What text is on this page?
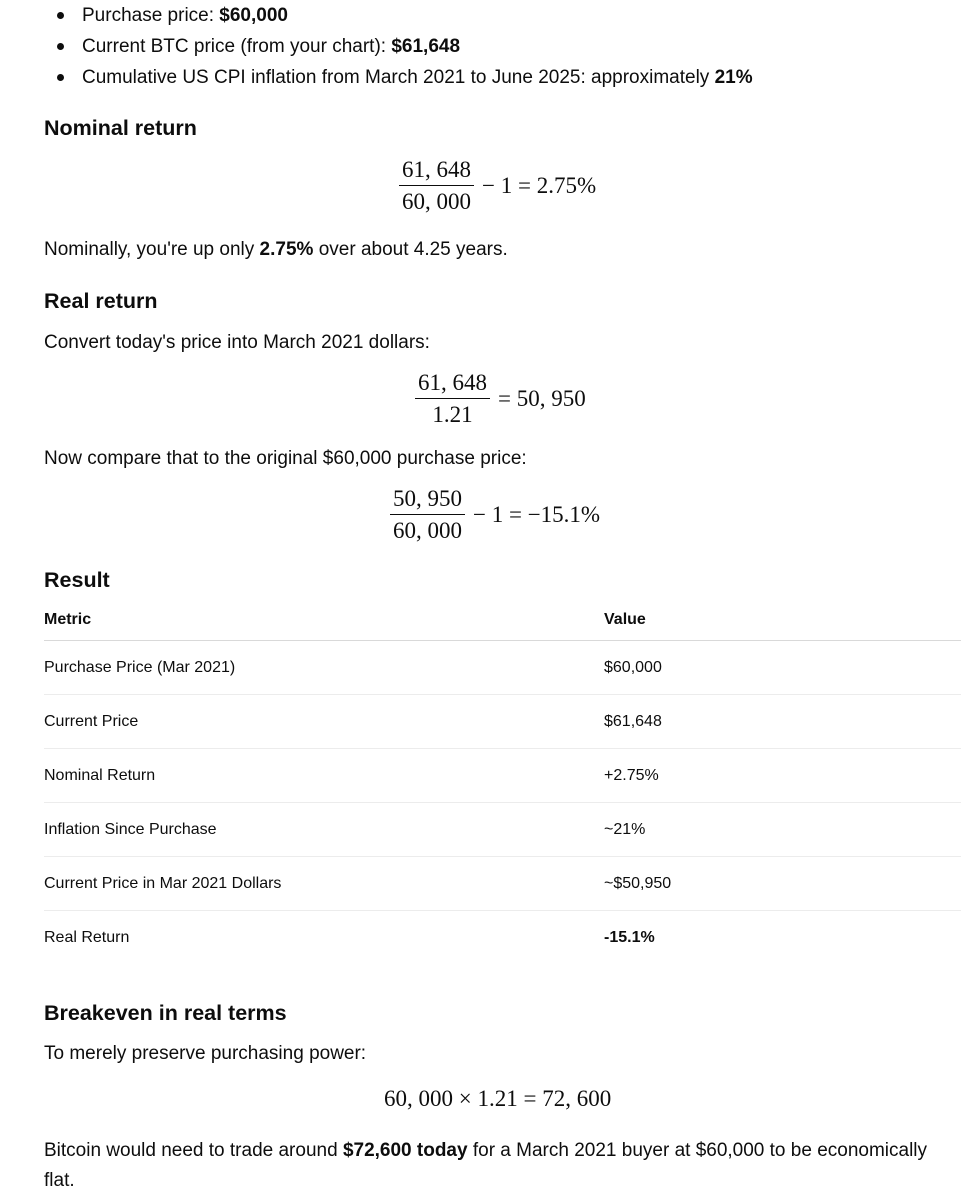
Purchase price: $60,000
Current BTC price (from your chart): $61,648
Cumulative US CPI inflation from March 2021 to June 2025: approximately 21%
Nominal return
$\frac{61, 648}{60, 000} - 1 = 2.75\%$

Nominally, you're up only 2.75% over about 4.25 years.

Real return

Convert today's price into March 2021 dollars:

$\frac{61, 648}{1.21} = 50$, 950

Now compare that to the original $60,000 purchase price:

$\frac{50, 950}{60, 000} - 1 = -15.1\%$
Result
Metric	Value
Purchase Price (Mar 2021)	$60,000
Current Price	$61,648
Nominal Return	+2.75%
Inflation Since Purchase	~21%
Current Price in Mar 2021 Dollars	~$50,950
Real Return	-15.1%
Breakeven in real terms

To merely preserve purchasing power:

60, 000 × 1.21 = 72, 600

Bitcoin would need to trade around $72,600 today for a March 2021 buyer at $60,000 to be economically flat.
